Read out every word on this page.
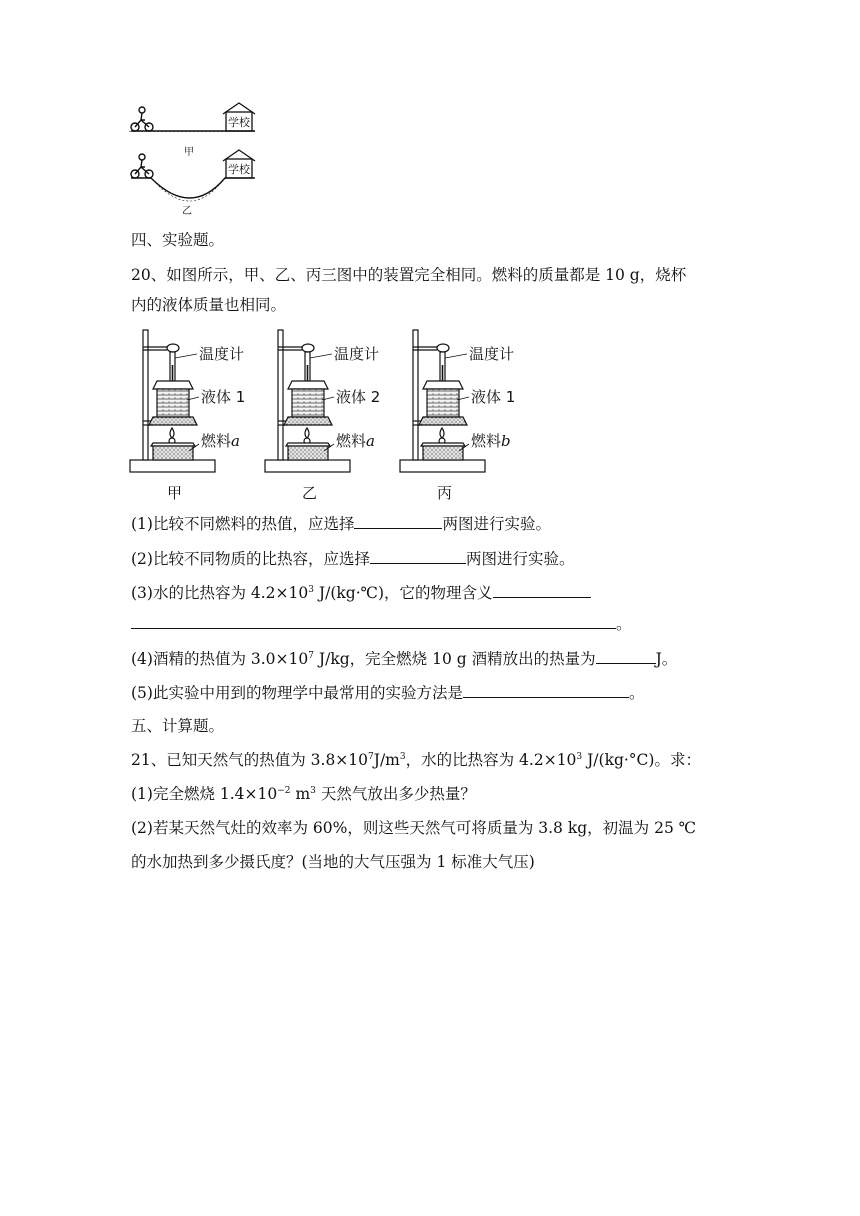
学校
甲
学校
乙
四、实验题。
20、如图所示，甲、乙、丙三图中的装置完全相同。燃料的质量都是 10 g，烧杯
内的液体质量也相同。
温度计
液体 1
燃料 a
甲
温度计
液体 2
燃料 a
乙
温度计
液体 1
燃料 b
丙
(1)比较不同燃料的热值，应选择	两图进行实验。
(2)比较不同物质的比热容，应选择	两图进行实验。
(3)水的比热容为 $4.2\times 10^3$ J/(kg·℃)，它的物理含义
。
(4)酒精的热值为 $3.0\times 10^7$ J/kg，完全燃烧 10 g 酒精放出的热量为	J。
(5)此实验中用到的物理学中最常用的实验方法是	。
五、计算题。
21、已知天然气的热值为 $3.8\times 10^7J/m^3$，水的比热容为 $4.2\times 10^3$ J/(kg·°C)。求：
(1)完全燃烧 $1.4\times 10^{-2}$ $m^3$ 天然气放出多少热量？
(2)若某天然气灶的效率为 60%，则这些天然气可将质量为 3.8 kg，初温为 25 ℃
的水加热到多少摄氏度？(当地的大气压强为 1 标准大气压)
